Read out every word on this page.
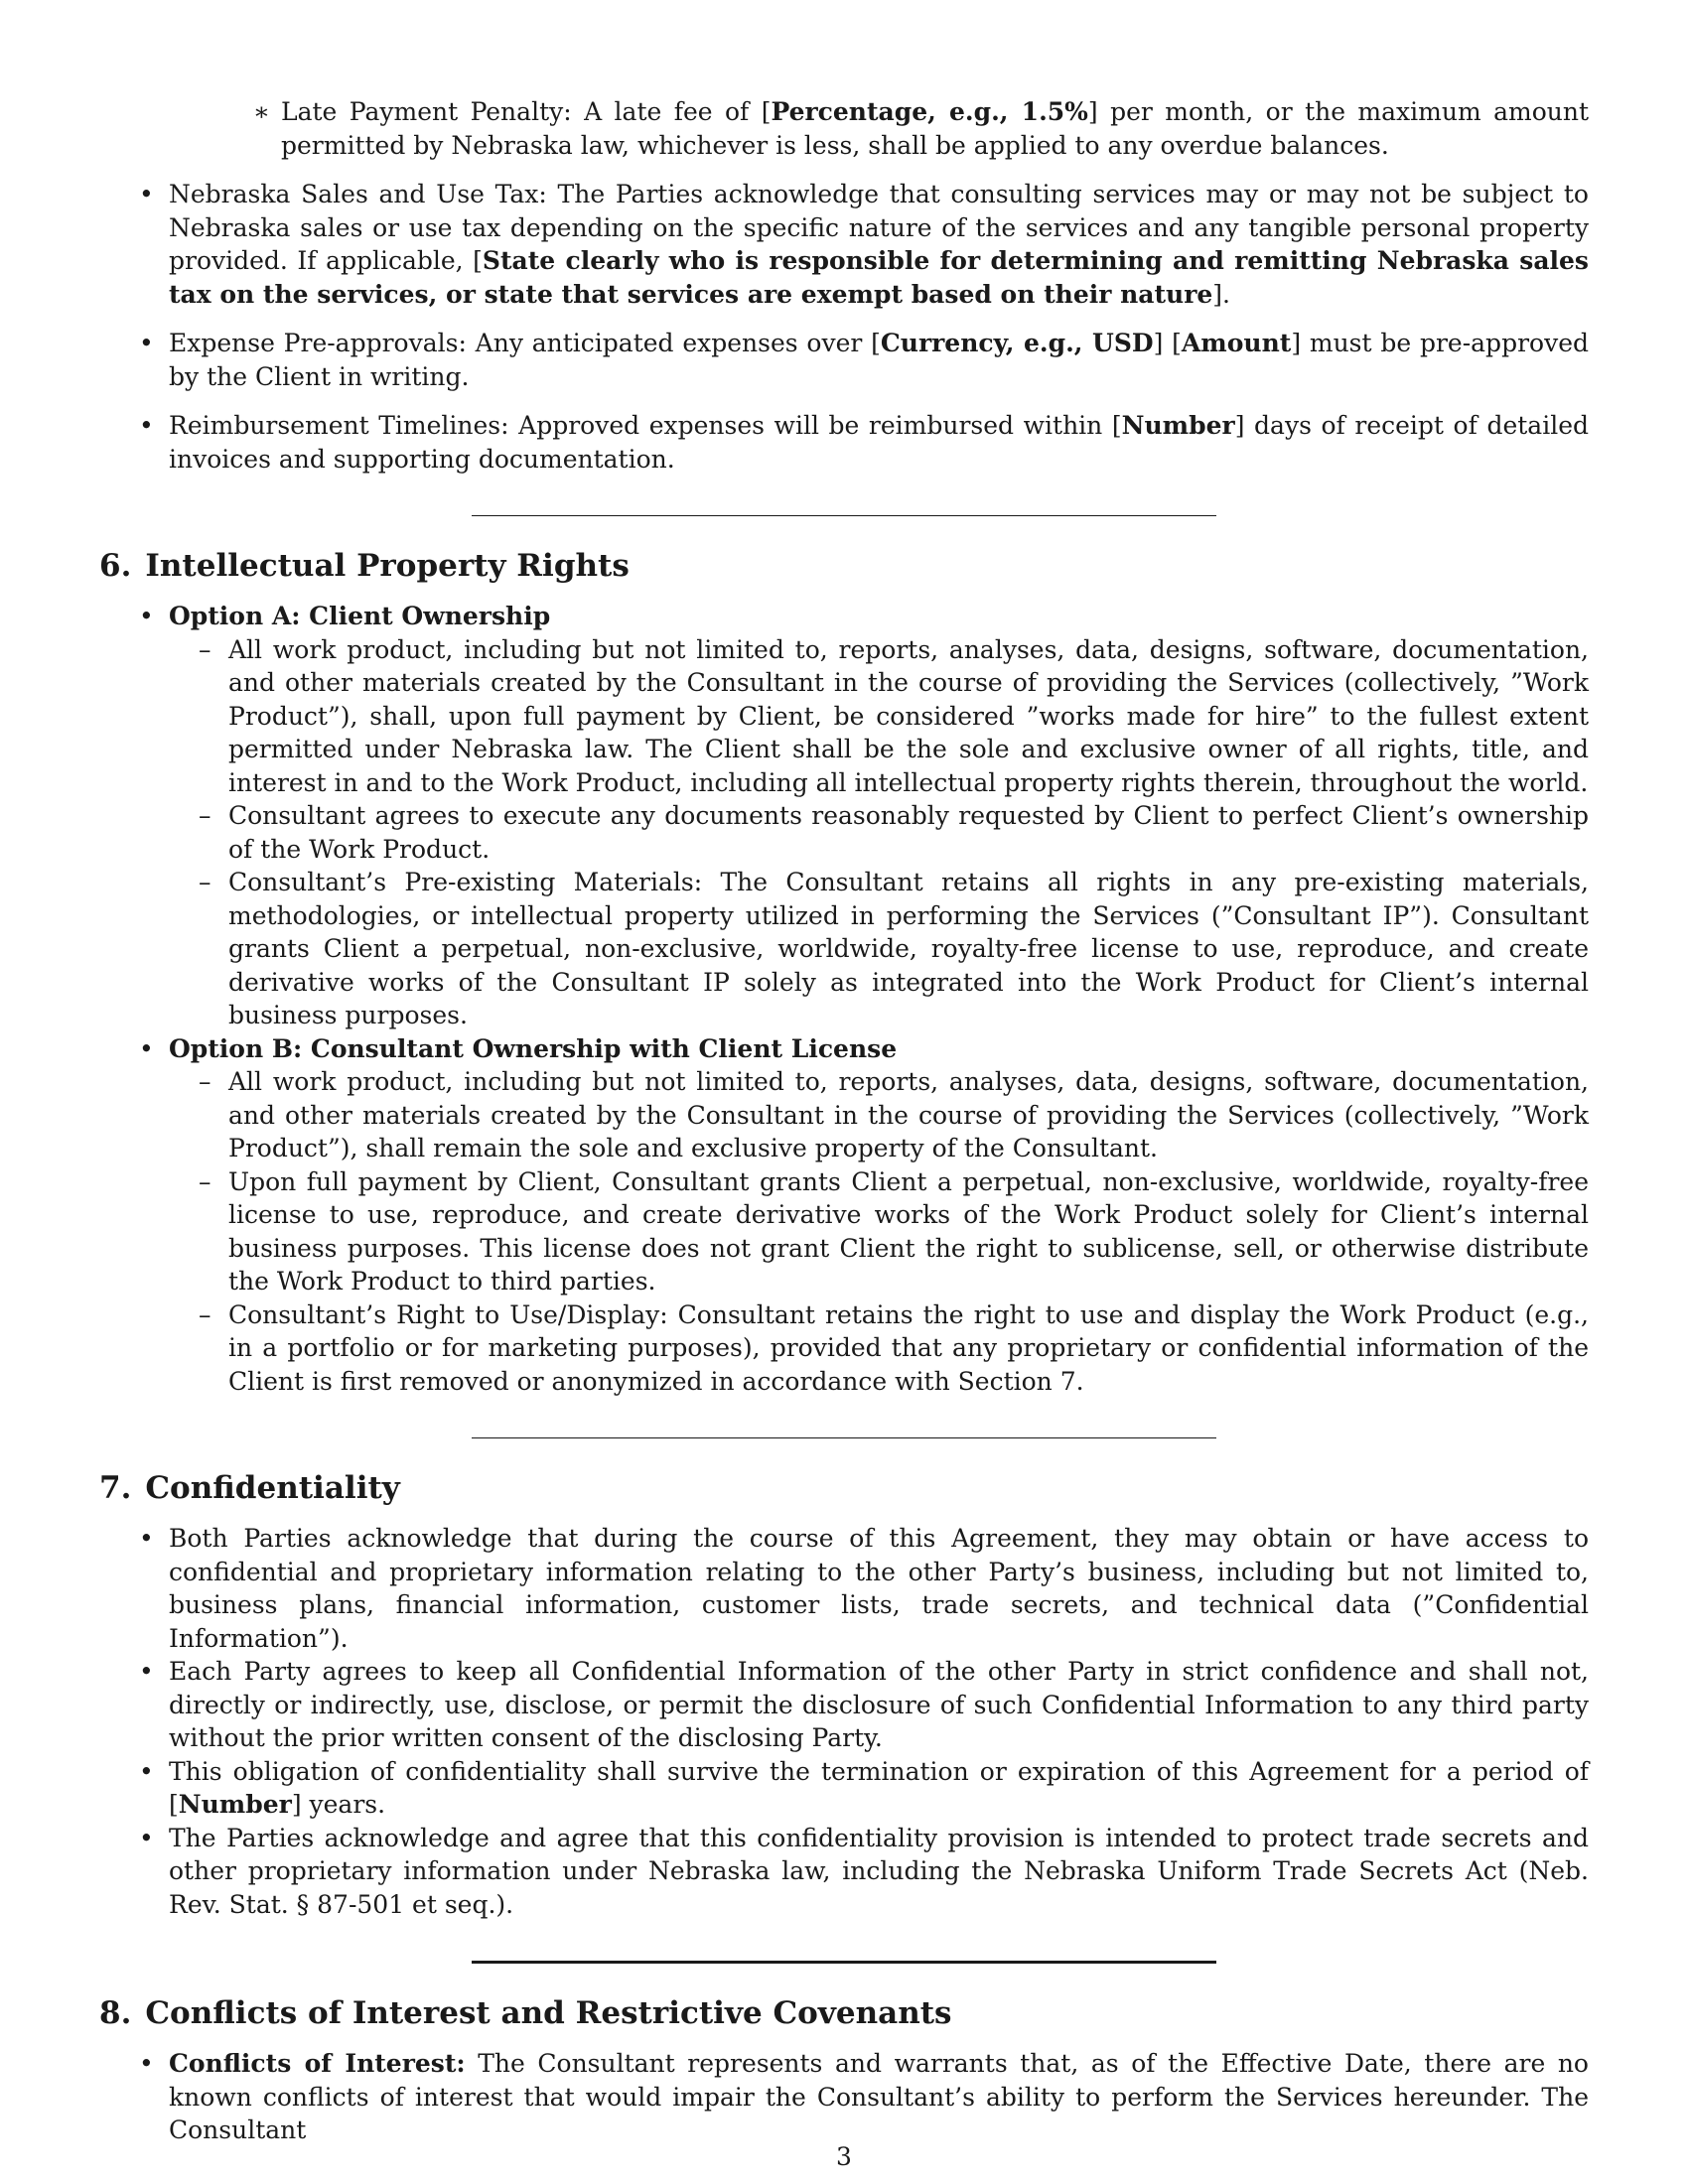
∗ Late Payment Penalty: A late fee of [Percentage, e.g., 1.5%] per month, or the maximum amount permitted by Nebraska law, whichever is less, shall be applied to any overdue balances.
• Nebraska Sales and Use Tax: The Parties acknowledge that consulting services may or may not be subject to Nebraska sales or use tax depending on the specific nature of the services and any tangible personal property provided. If applicable, [State clearly who is responsible for determining and remitting Nebraska sales tax on the services, or state that services are exempt based on their nature].
• Expense Pre-approvals: Any anticipated expenses over [Currency, e.g., USD] [Amount] must be pre-approved by the Client in writing.
• Reimbursement Timelines: Approved expenses will be reimbursed within [Number] days of receipt of detailed invoices and supporting documentation.
6. Intellectual Property Rights
• Option A: Client Ownership
– All work product, including but not limited to, reports, analyses, data, designs, software, documentation, and other materials created by the Consultant in the course of providing the Services (collectively, ”Work Product”), shall, upon full payment by Client, be considered ”works made for hire” to the fullest extent permitted under Nebraska law. The Client shall be the sole and exclusive owner of all rights, title, and interest in and to the Work Product, including all intellectual property rights therein, throughout the world.
– Consultant agrees to execute any documents reasonably requested by Client to perfect Client’s ownership of the Work Product.
– Consultant’s Pre-existing Materials: The Consultant retains all rights in any pre-existing materials, methodologies, or intellectual property utilized in performing the Services (”Consultant IP”). Consultant grants Client a perpetual, non-exclusive, worldwide, royalty-free license to use, reproduce, and create derivative works of the Consultant IP solely as integrated into the Work Product for Client’s internal business purposes.
• Option B: Consultant Ownership with Client License
– All work product, including but not limited to, reports, analyses, data, designs, software, documentation, and other materials created by the Consultant in the course of providing the Services (collectively, ”Work Product”), shall remain the sole and exclusive property of the Consultant.
– Upon full payment by Client, Consultant grants Client a perpetual, non-exclusive, worldwide, royalty-free license to use, reproduce, and create derivative works of the Work Product solely for Client’s internal business purposes. This license does not grant Client the right to sublicense, sell, or otherwise distribute the Work Product to third parties.
– Consultant’s Right to Use/Display: Consultant retains the right to use and display the Work Product (e.g., in a portfolio or for marketing purposes), provided that any proprietary or confidential information of the Client is first removed or anonymized in accordance with Section 7.
7. Confidentiality
• Both Parties acknowledge that during the course of this Agreement, they may obtain or have access to confidential and proprietary information relating to the other Party’s business, including but not limited to, business plans, financial information, customer lists, trade secrets, and technical data (”Confidential Information”).
• Each Party agrees to keep all Confidential Information of the other Party in strict confidence and shall not, directly or indirectly, use, disclose, or permit the disclosure of such Confidential Information to any third party without the prior written consent of the disclosing Party.
• This obligation of confidentiality shall survive the termination or expiration of this Agreement for a period of [Number] years.
• The Parties acknowledge and agree that this confidentiality provision is intended to protect trade secrets and other proprietary information under Nebraska law, including the Nebraska Uniform Trade Secrets Act (Neb. Rev. Stat. § 87-501 et seq.).
8. Conflicts of Interest and Restrictive Covenants
• Conflicts of Interest: The Consultant represents and warrants that, as of the Effective Date, there are no known conflicts of interest that would impair the Consultant’s ability to perform the Services hereunder. The Consultant
3
